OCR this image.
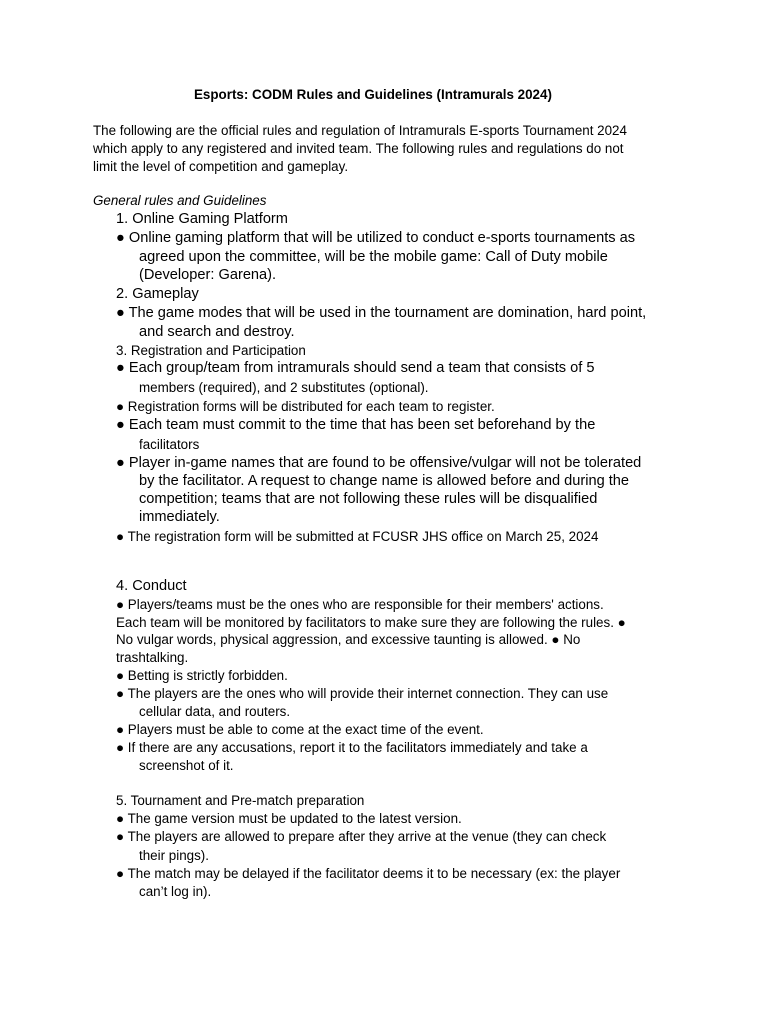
Esports: CODM Rules and Guidelines (Intramurals 2024)
The following are the official rules and regulation of Intramurals E-sports Tournament 2024
which apply to any registered and invited team. The following rules and regulations do not
limit the level of competition and gameplay.
General rules and Guidelines
1. Online Gaming Platform
● Online gaming platform that will be utilized to conduct e-sports tournaments as
agreed upon the committee, will be the mobile game: Call of Duty mobile
(Developer: Garena).
2. Gameplay
● The game modes that will be used in the tournament are domination, hard point,
and search and destroy.
3. Registration and Participation
● Each group/team from intramurals should send a team that consists of 5
members (required), and 2 substitutes (optional).
● Registration forms will be distributed for each team to register.
● Each team must commit to the time that has been set beforehand by the
facilitators
● Player in-game names that are found to be offensive/vulgar will not be tolerated
by the facilitator. A request to change name is allowed before and during the
competition; teams that are not following these rules will be disqualified
immediately.
● The registration form will be submitted at FCUSR JHS office on March 25, 2024
4. Conduct
● Players/teams must be the ones who are responsible for their members' actions.
Each team will be monitored by facilitators to make sure they are following the rules. ●
No vulgar words, physical aggression, and excessive taunting is allowed. ● No
trashtalking.
● Betting is strictly forbidden.
● The players are the ones who will provide their internet connection. They can use
cellular data, and routers.
● Players must be able to come at the exact time of the event.
● If there are any accusations, report it to the facilitators immediately and take a
screenshot of it.
5. Tournament and Pre-match preparation
● The game version must be updated to the latest version.
● The players are allowed to prepare after they arrive at the venue (they can check
their pings).
● The match may be delayed if the facilitator deems it to be necessary (ex: the player
can’t log in).
